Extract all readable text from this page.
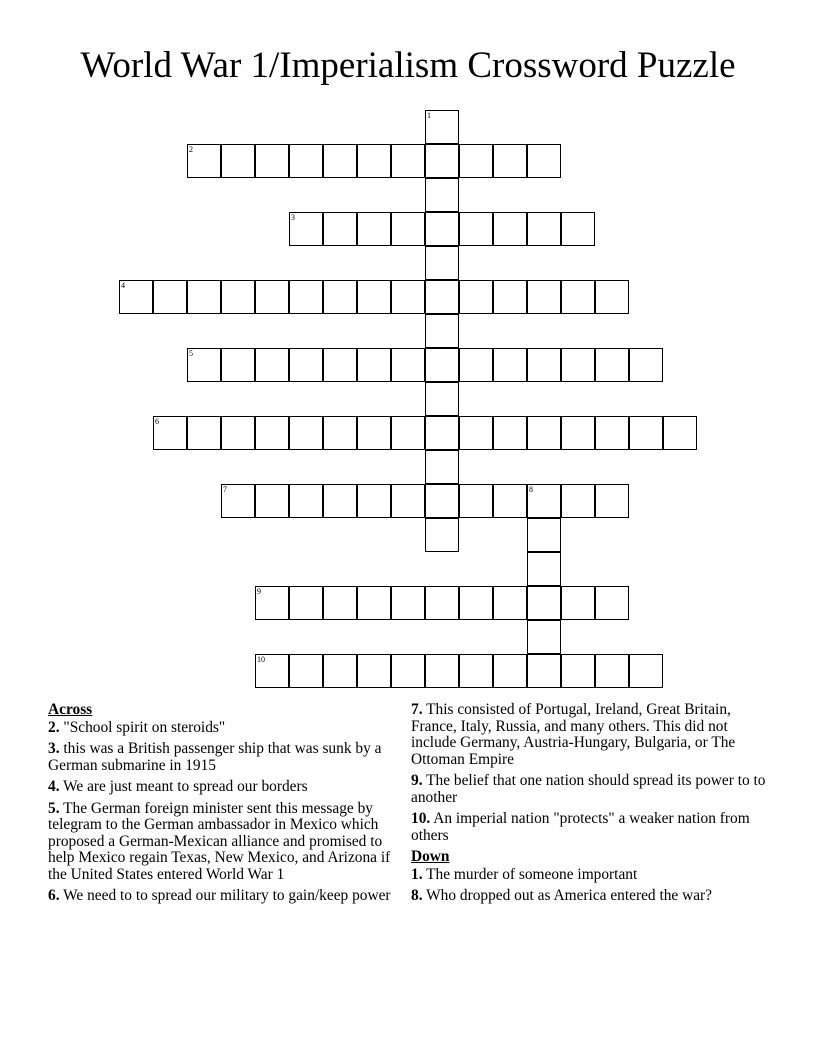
World War 1/Imperialism Crossword Puzzle
1
2
3
4
5
6
7	8
9
10
Across
2. "School spirit on steroids"
3. this was a British passenger ship that was sunk by a German submarine in 1915
4. We are just meant to spread our borders
5. The German foreign minister sent this message by telegram to the German ambassador in Mexico which proposed a German-Mexican alliance and promised to help Mexico regain Texas, New Mexico, and Arizona if the United States entered World War 1
6. We need to to spread our military to gain/keep power
7. This consisted of Portugal, Ireland, Great Britain, France, Italy, Russia, and many others. This did not include Germany, Austria-Hungary, Bulgaria, or The Ottoman Empire
9. The belief that one nation should spread its power to to another
10. An imperial nation "protects" a weaker nation from others
Down
1. The murder of someone important
8. Who dropped out as America entered the war?
